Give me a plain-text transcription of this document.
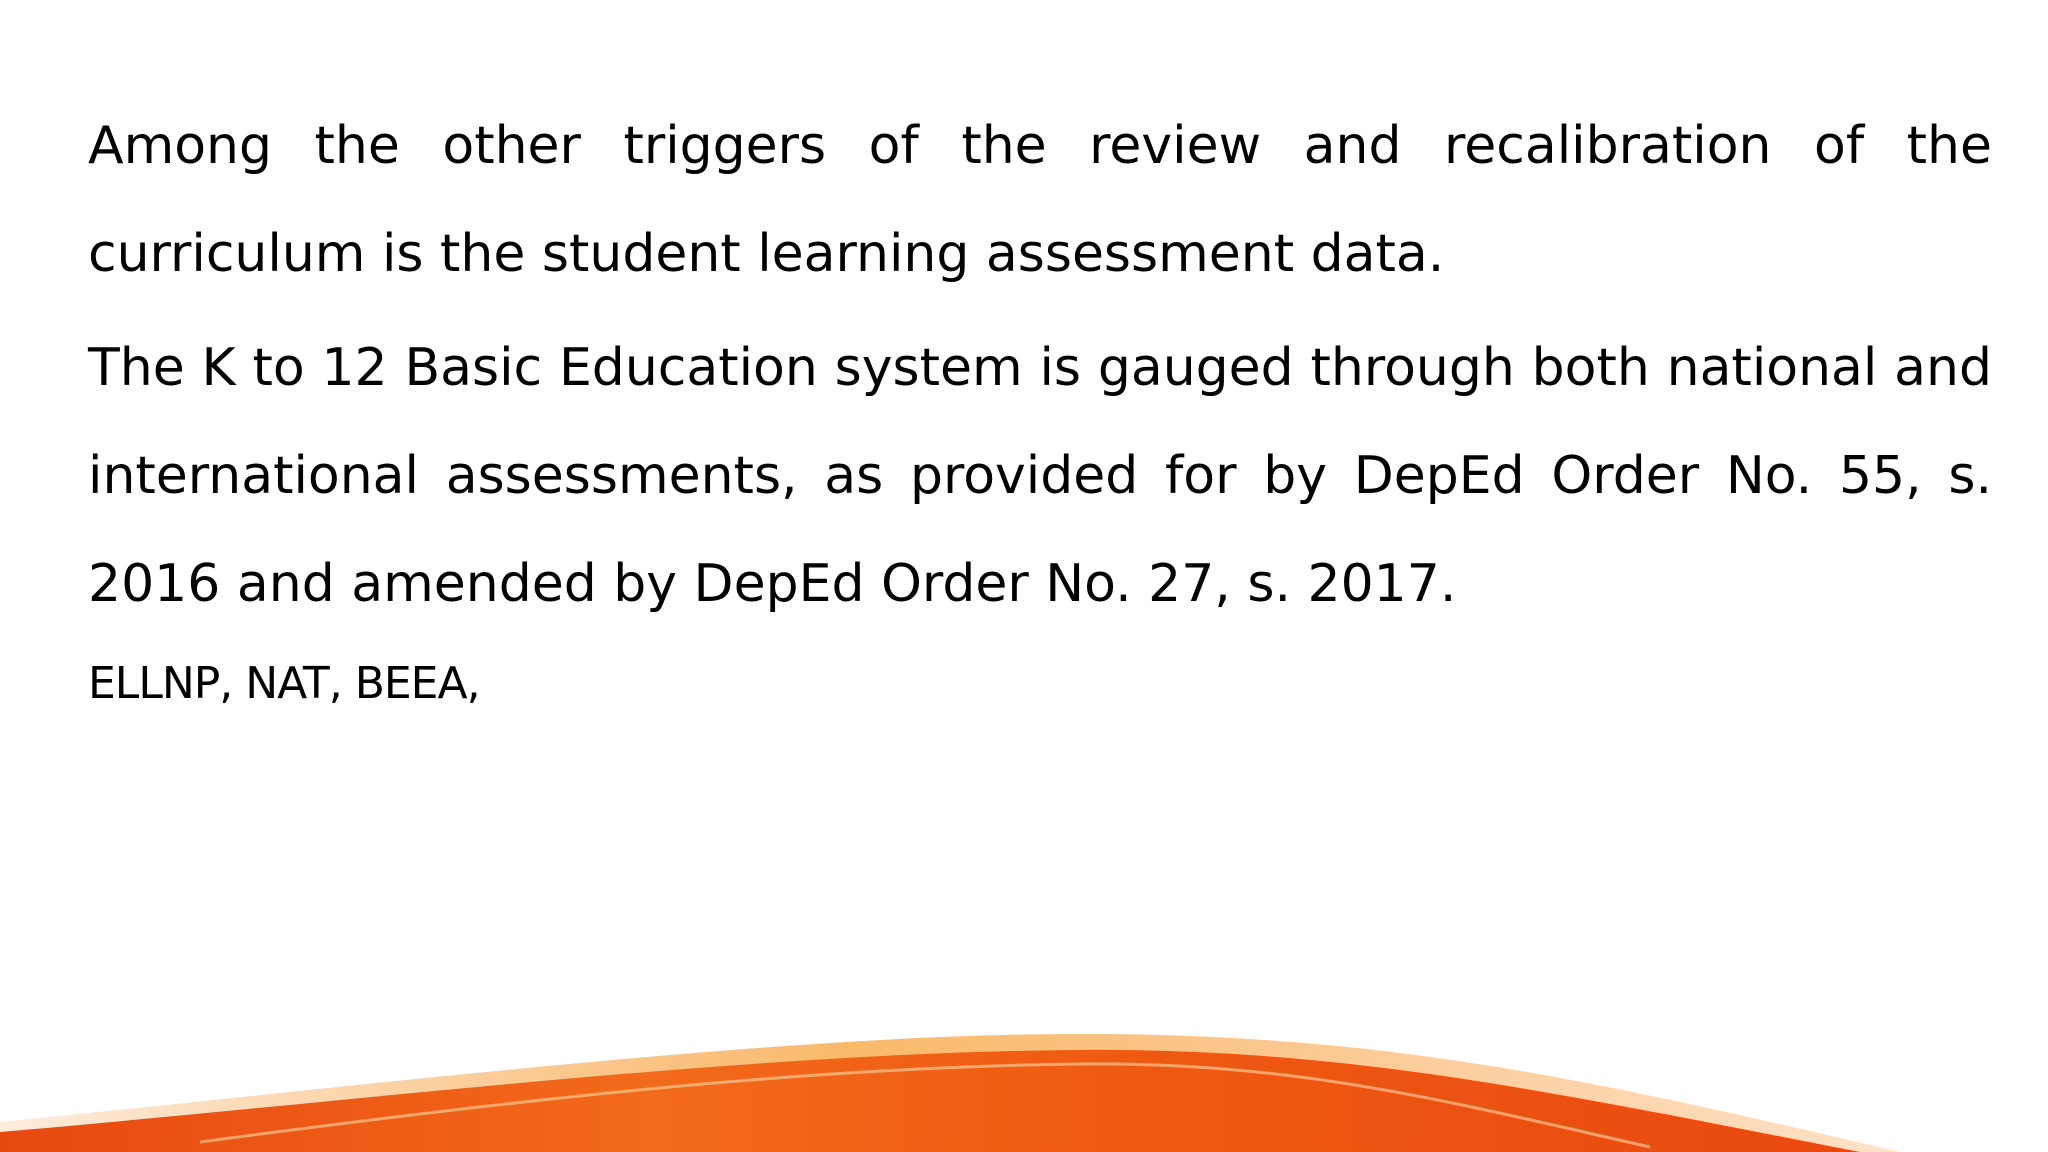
Among the other triggers of the review and recalibration of the curriculum is the student learning assessment data.

The K to 12 Basic Education system is gauged through both national and international assessments, as provided for by DepEd Order No. 55, s. 2016 and amended by DepEd Order No. 27, s. 2017.

ELLNP, NAT, BEEA,
